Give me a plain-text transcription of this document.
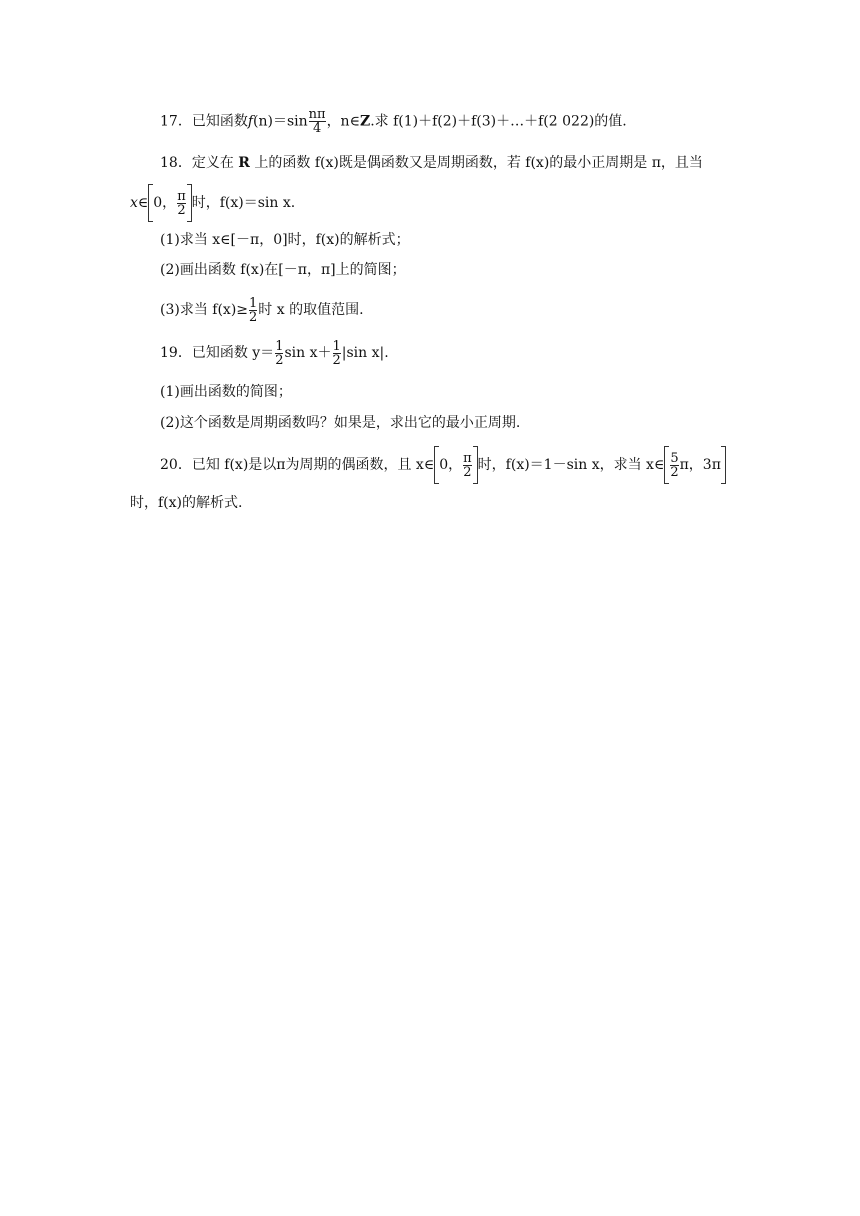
17．已知函数$f(n)=\sin \frac{n\pi}{4}$ ，n∈Z.求 f(1)＋f(2)＋f(3)＋…＋f(2 022)的值.
18．定义在 R 上的函数 f(x)既是偶函数又是周期函数，若 f(x)的最小正周期是 π，且当
x∈ 0， $\frac{\pi}{2}$ 时，f(x)＝sin x.
(1)求当 x∈[－π，0]时，f(x)的解析式；
(2)画出函数 f(x)在[－π，π]上的简图；
(3)求当 $f(x)\ge \frac{1}{2}$ 时 x 的取值范围.
19．已知函数 $y= \frac{1}{2}$ $\sin x+ \frac{1}{2} |\sin$ x|.
(1)画出函数的简图；
(2)这个函数是周期函数吗？如果是，求出它的最小正周期.
20．已知 f(x)是以π为周期的偶函数，且 x∈ 0， $\frac{\pi}{2}$ 时，f(x)＝1－sin x，求当 x∈ $\frac{5}{2}$ π，3π
时，f(x)的解析式.
